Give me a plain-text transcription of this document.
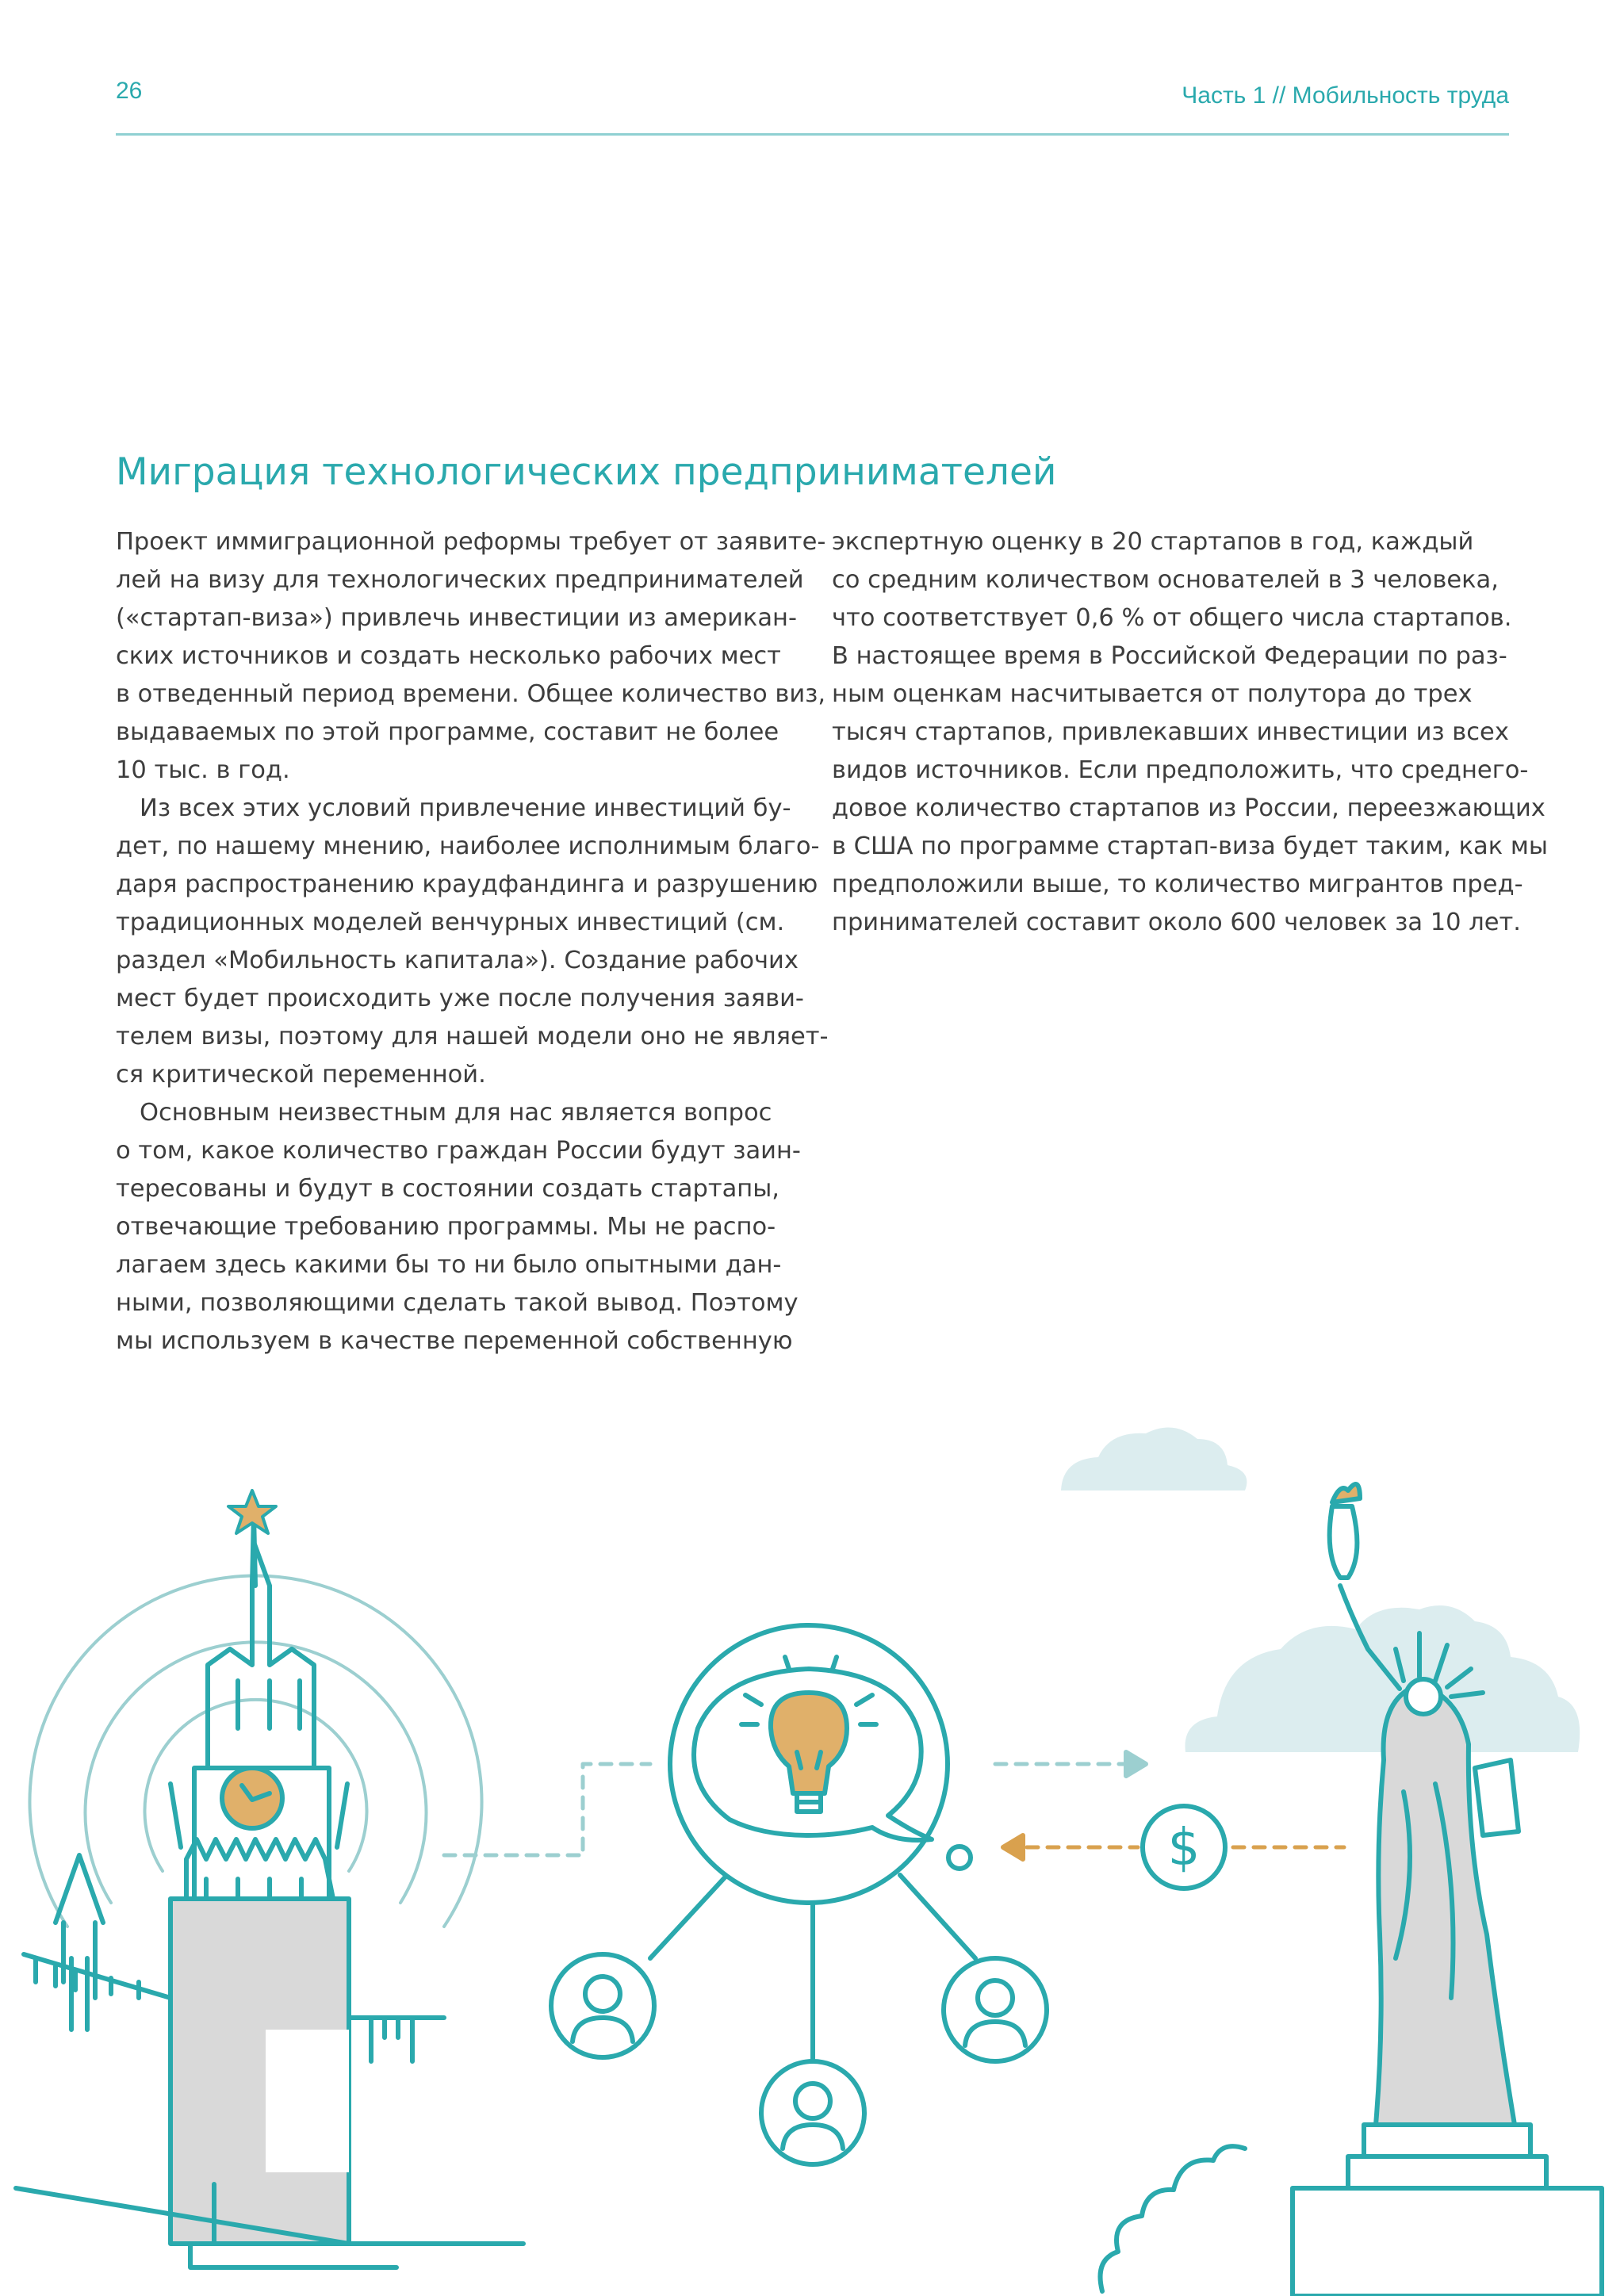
26	Часть 1 // Мобильность труда
Миграция технологических предпринимателей
Проект иммиграционной реформы требует от заявите-
лей на визу для технологических предпринимателей
(«стартап-виза») привлечь инвестиции из американ-
ских источников и создать несколько рабочих мест
в отведенный период времени. Общее количество виз,
выдаваемых по этой программе, составит не более
10 тыс. в год.
Из всех этих условий привлечение инвестиций бу-
дет, по нашему мнению, наиболее исполнимым благо-
даря распространению краудфандинга и разрушению
традиционных моделей венчурных инвестиций (см.
раздел «Мобильность капитала»). Создание рабочих
мест будет происходить уже после получения заяви-
телем визы, поэтому для нашей модели оно не являет-
ся критической переменной.
Основным неизвестным для нас является вопрос
о том, какое количество граждан России будут заин-
тересованы и будут в состоянии создать стартапы,
отвечающие требованию программы. Мы не распо-
лагаем здесь какими бы то ни было опытными дан-
ными, позволяющими сделать такой вывод. Поэтому
мы используем в качестве переменной собственную
экспертную оценку в 20 стартапов в год, каждый
со средним количеством основателей в 3 человека,
что соответствует 0,6 % от общего числа стартапов.
В настоящее время в Российской Федерации по раз-
ным оценкам насчитывается от полутора до трех
тысяч стартапов, привлекавших инвестиции из всех
видов источников. Если предположить, что среднего-
довое количество стартапов из России, переезжающих
в США по программе стартап-виза будет таким, как мы
предположили выше, то количество мигрантов пред-
принимателей составит около 600 человек за 10 лет.
$
